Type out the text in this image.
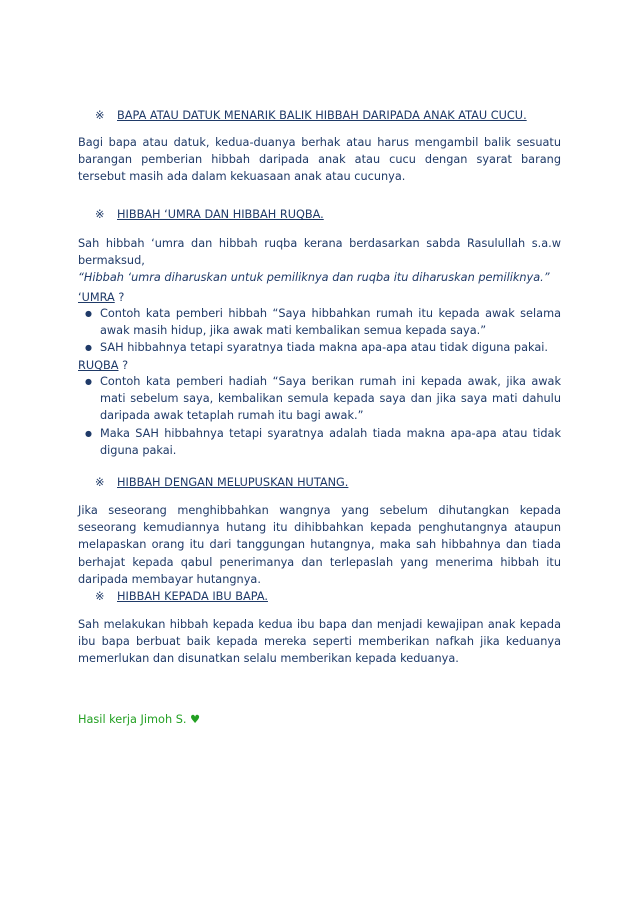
※ BAPA ATAU DATUK MENARIK BALIK HIBBAH DARIPADA ANAK ATAU CUCU.
Bagi bapa atau datuk, kedua-duanya berhak atau harus mengambil balik sesuatu barangan pemberian hibbah daripada anak atau cucu dengan syarat barang tersebut masih ada dalam kekuasaan anak atau cucunya.
※ HIBBAH ‘UMRA DAN HIBBAH RUQBA.
Sah hibbah ‘umra dan hibbah ruqba kerana berdasarkan sabda Rasulullah s.a.w bermaksud,
“Hibbah ‘umra diharuskan untuk pemiliknya dan ruqba itu diharuskan pemiliknya.”
‘UMRA ?
● Contoh kata pemberi hibbah “Saya hibbahkan rumah itu kepada awak selama awak masih hidup, jika awak mati kembalikan semua kepada saya.”
● SAH hibbahnya tetapi syaratnya tiada makna apa-apa atau tidak diguna pakai.
RUQBA ?
● Contoh kata pemberi hadiah “Saya berikan rumah ini kepada awak, jika awak mati sebelum saya, kembalikan semula kepada saya dan jika saya mati dahulu daripada awak tetaplah rumah itu bagi awak.”
● Maka SAH hibbahnya tetapi syaratnya adalah tiada makna apa-apa atau tidak diguna pakai.
※ HIBBAH DENGAN MELUPUSKAN HUTANG.
Jika seseorang menghibbahkan wangnya yang sebelum dihutangkan kepada seseorang kemudiannya hutang itu dihibbahkan kepada penghutangnya ataupun melapaskan orang itu dari tanggungan hutangnya, maka sah hibbahnya dan tiada berhajat kepada qabul penerimanya dan terlepaslah yang menerima hibbah itu daripada membayar hutangnya.
※ HIBBAH KEPADA IBU BAPA.
Sah melakukan hibbah kepada kedua ibu bapa dan menjadi kewajipan anak kepada ibu bapa berbuat baik kepada mereka seperti memberikan nafkah jika keduanya memerlukan dan disunatkan selalu memberikan kepada keduanya.
Hasil kerja Jimoh S. ♥
